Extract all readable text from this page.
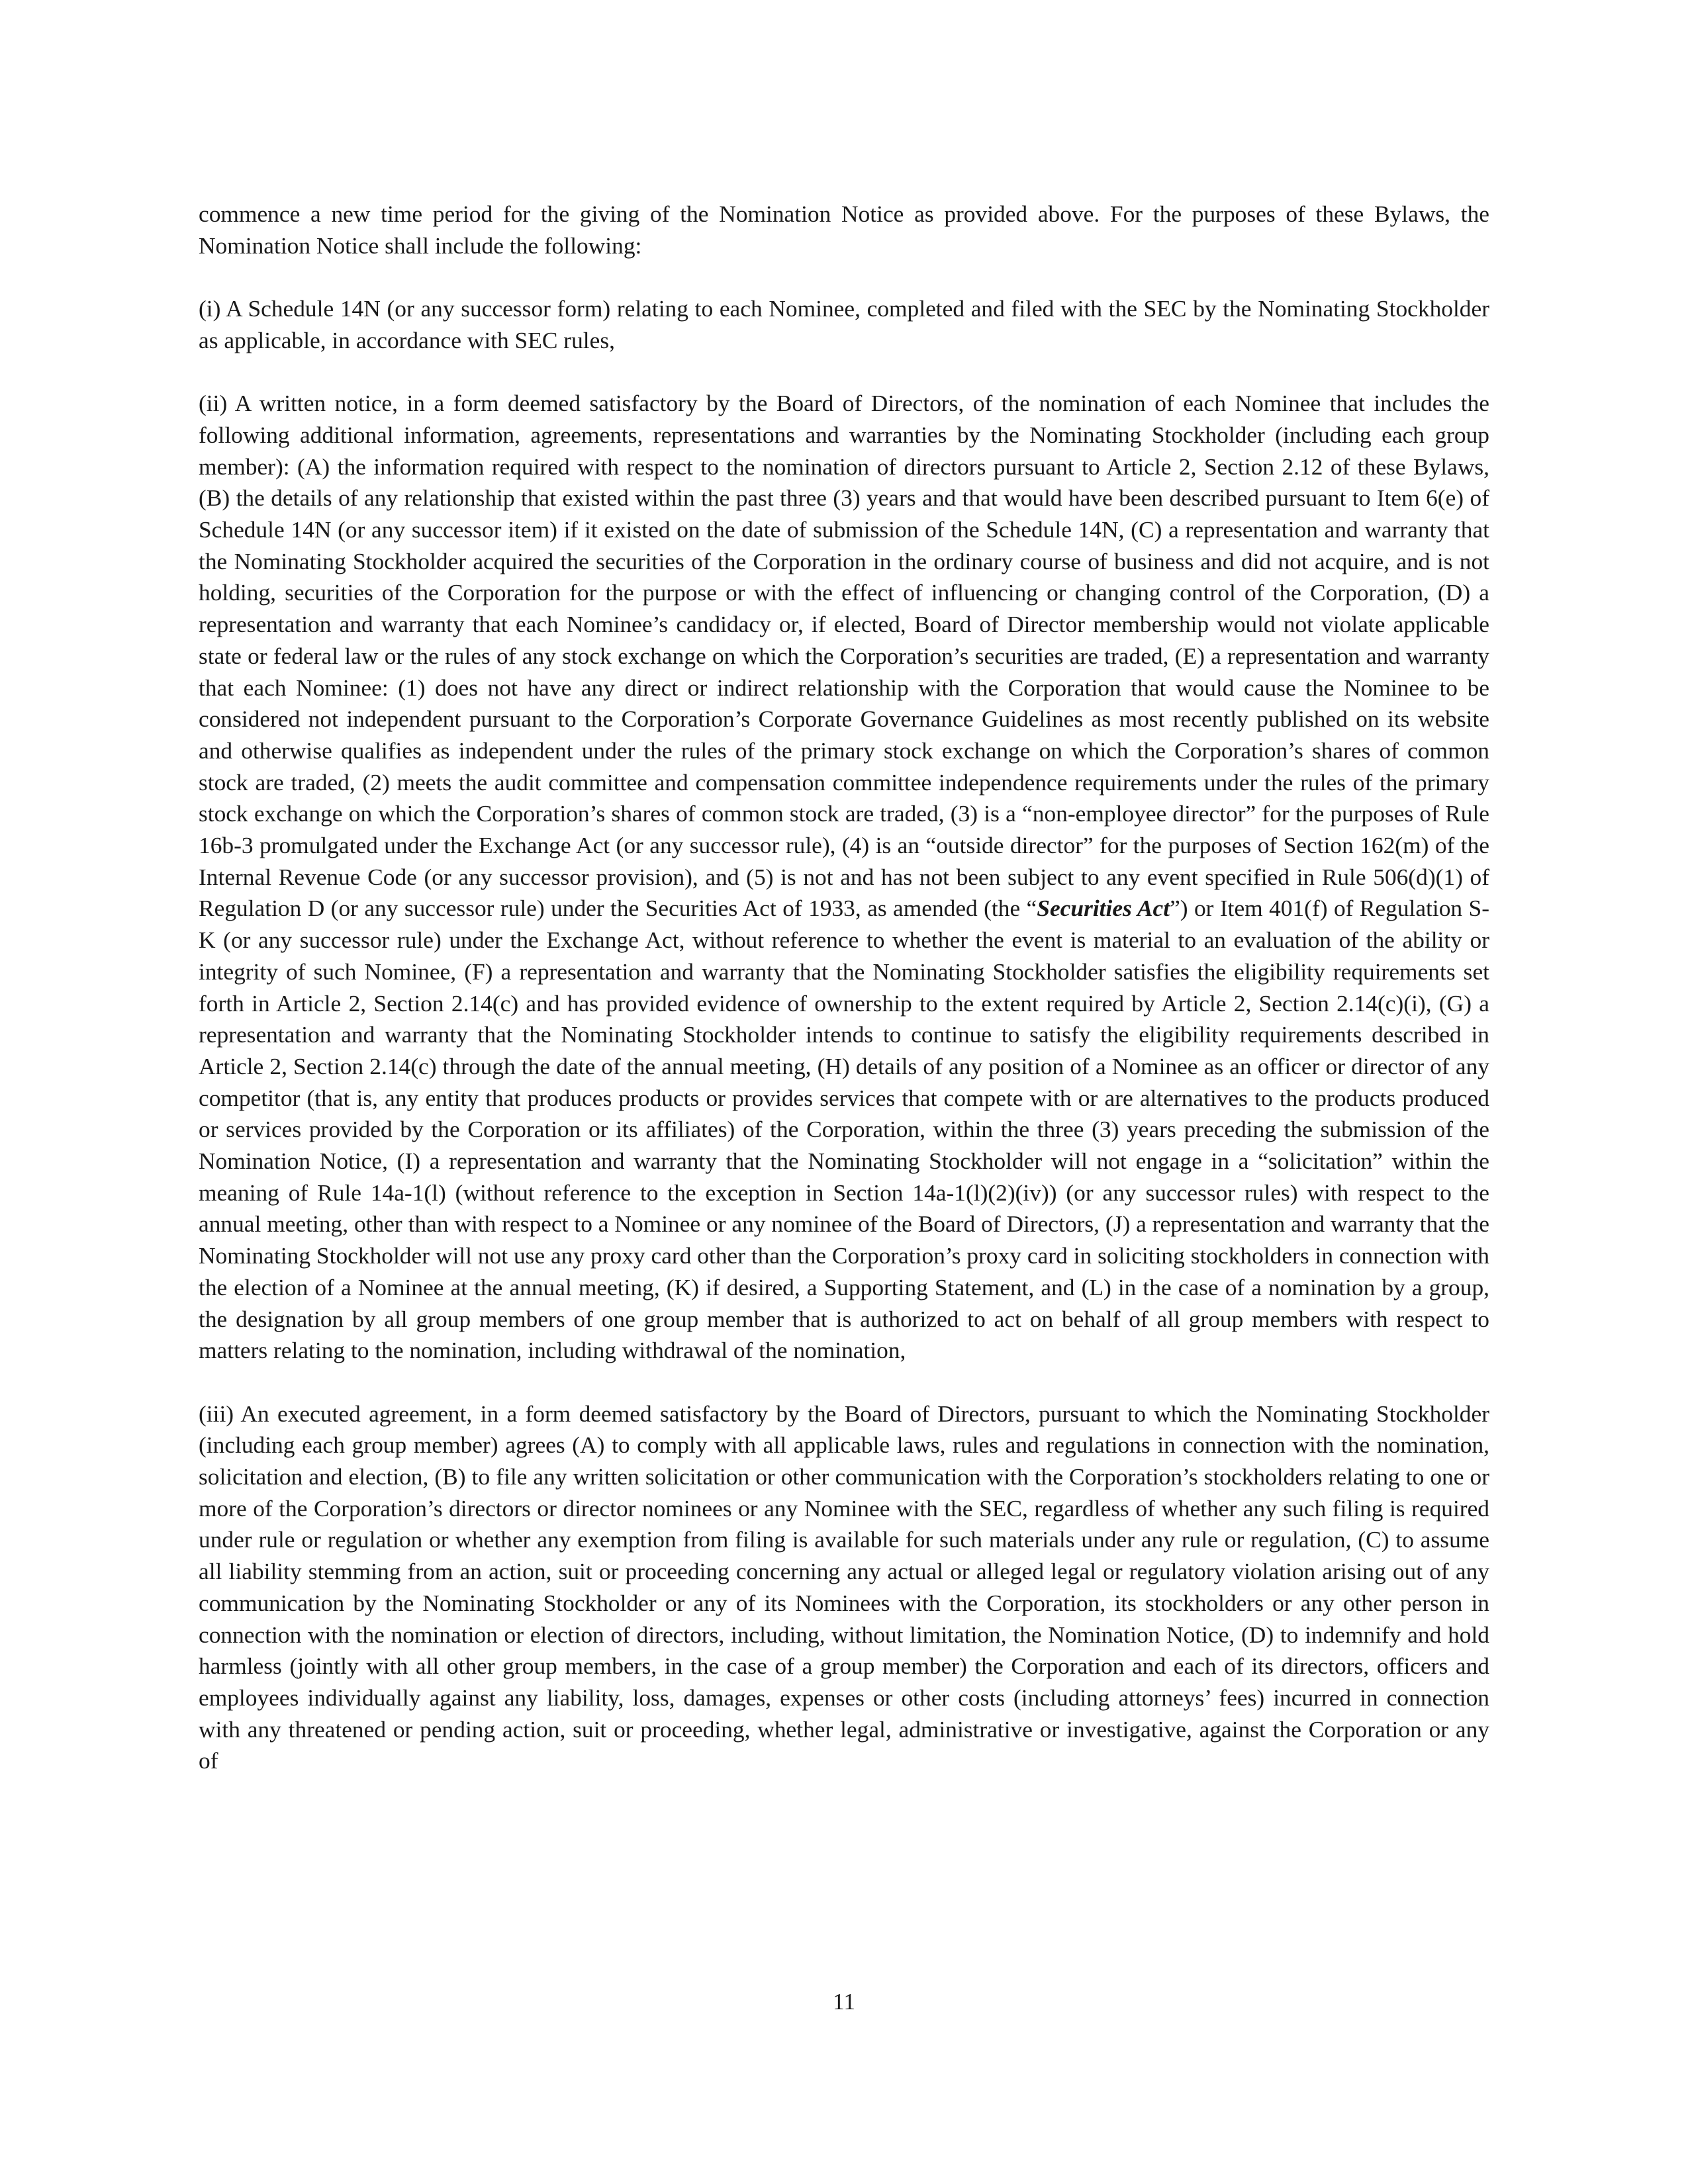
commence a new time period for the giving of the Nomination Notice as provided above. For the purposes of these Bylaws, the Nomination Notice shall include the following:

(i) A Schedule 14N (or any successor form) relating to each Nominee, completed and filed with the SEC by the Nominating Stockholder as applicable, in accordance with SEC rules,

(ii) A written notice, in a form deemed satisfactory by the Board of Directors, of the nomination of each Nominee that includes the following additional information, agreements, representations and warranties by the Nominating Stockholder (including each group member): (A) the information required with respect to the nomination of directors pursuant to Article 2, Section 2.12 of these Bylaws, (B) the details of any relationship that existed within the past three (3) years and that would have been described pursuant to Item 6(e) of Schedule 14N (or any successor item) if it existed on the date of submission of the Schedule 14N, (C) a representation and warranty that the Nominating Stockholder acquired the securities of the Corporation in the ordinary course of business and did not acquire, and is not holding, securities of the Corporation for the purpose or with the effect of influencing or changing control of the Corporation, (D) a representation and warranty that each Nominee’s candidacy or, if elected, Board of Director membership would not violate applicable state or federal law or the rules of any stock exchange on which the Corporation’s securities are traded, (E) a representation and warranty that each Nominee: (1) does not have any direct or indirect relationship with the Corporation that would cause the Nominee to be considered not independent pursuant to the Corporation’s Corporate Governance Guidelines as most recently published on its website and otherwise qualifies as independent under the rules of the primary stock exchange on which the Corporation’s shares of common stock are traded, (2) meets the audit committee and compensation committee independence requirements under the rules of the primary stock exchange on which the Corporation’s shares of common stock are traded, (3) is a “non-employee director” for the purposes of Rule 16b-3 promulgated under the Exchange Act (or any successor rule), (4) is an “outside director” for the purposes of Section 162(m) of the Internal Revenue Code (or any successor provision), and (5) is not and has not been subject to any event specified in Rule 506(d)(1) of Regulation D (or any successor rule) under the Securities Act of 1933, as amended (the “Securities Act”) or Item 401(f) of Regulation S-K (or any successor rule) under the Exchange Act, without reference to whether the event is material to an evaluation of the ability or integrity of such Nominee, (F) a representation and warranty that the Nominating Stockholder satisfies the eligibility requirements set forth in Article 2, Section 2.14(c) and has provided evidence of ownership to the extent required by Article 2, Section 2.14(c)(i), (G) a representation and warranty that the Nominating Stockholder intends to continue to satisfy the eligibility requirements described in Article 2, Section 2.14(c) through the date of the annual meeting, (H) details of any position of a Nominee as an officer or director of any competitor (that is, any entity that produces products or provides services that compete with or are alternatives to the products produced or services provided by the Corporation or its affiliates) of the Corporation, within the three (3) years preceding the submission of the Nomination Notice, (I) a representation and warranty that the Nominating Stockholder will not engage in a “solicitation” within the meaning of Rule 14a-1(l) (without reference to the exception in Section 14a-1(l)(2)(iv)) (or any successor rules) with respect to the annual meeting, other than with respect to a Nominee or any nominee of the Board of Directors, (J) a representation and warranty that the Nominating Stockholder will not use any proxy card other than the Corporation’s proxy card in soliciting stockholders in connection with the election of a Nominee at the annual meeting, (K) if desired, a Supporting Statement, and (L) in the case of a nomination by a group, the designation by all group members of one group member that is authorized to act on behalf of all group members with respect to matters relating to the nomination, including withdrawal of the nomination,

(iii) An executed agreement, in a form deemed satisfactory by the Board of Directors, pursuant to which the Nominating Stockholder (including each group member) agrees (A) to comply with all applicable laws, rules and regulations in connection with the nomination, solicitation and election, (B) to file any written solicitation or other communication with the Corporation’s stockholders relating to one or more of the Corporation’s directors or director nominees or any Nominee with the SEC, regardless of whether any such filing is required under rule or regulation or whether any exemption from filing is available for such materials under any rule or regulation, (C) to assume all liability stemming from an action, suit or proceeding concerning any actual or alleged legal or regulatory violation arising out of any communication by the Nominating Stockholder or any of its Nominees with the Corporation, its stockholders or any other person in connection with the nomination or election of directors, including, without limitation, the Nomination Notice, (D) to indemnify and hold harmless (jointly with all other group members, in the case of a group member) the Corporation and each of its directors, officers and employees individually against any liability, loss, damages, expenses or other costs (including attorneys’ fees) incurred in connection with any threatened or pending action, suit or proceeding, whether legal, administrative or investigative, against the Corporation or any of

11
